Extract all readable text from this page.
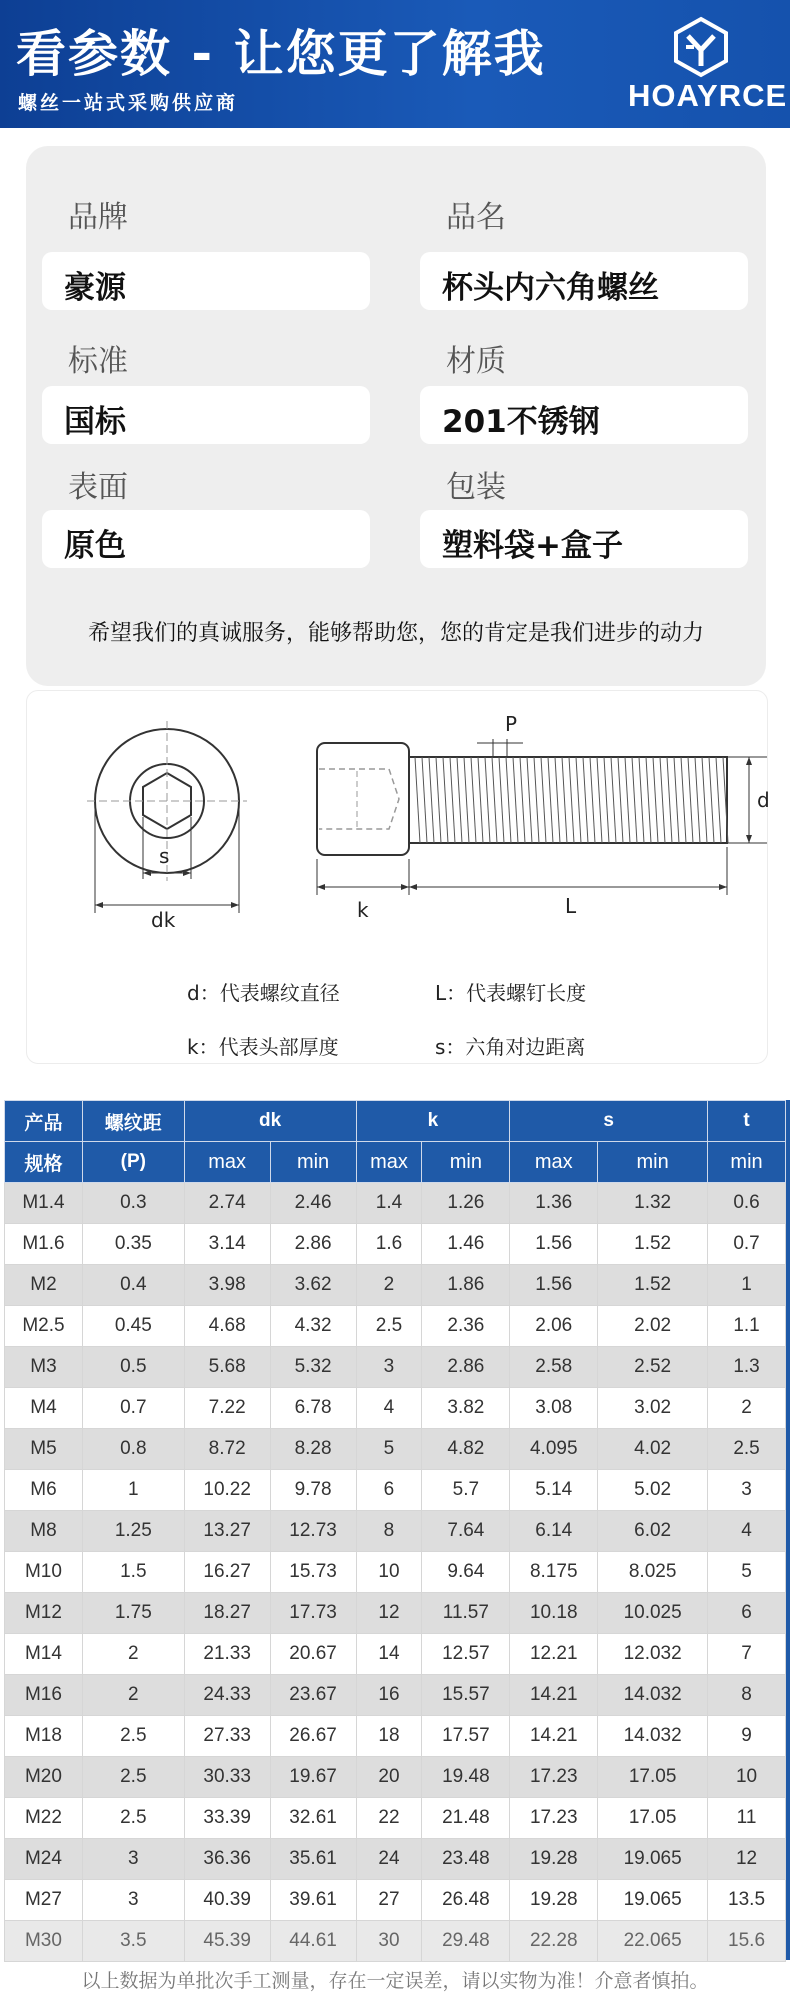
看参数 - 让您更了解我
螺丝一站式采购供应商	HOAYRCE
品牌	品名
豪源	杯头内六角螺丝
标准	材质
国标	201不锈钢
表面	包装
原色	塑料袋+盒子
希望我们的真诚服务，能够帮助您，您的肯定是我们进步的动力
s
dk	k	L
P
d
d：代表螺纹直径	L：代表螺钉长度
k：代表头部厚度	s：六角对边距离
产品	螺纹距	dk		k		s		t
规格	(P)	max	min	max	min	max	min	min
M1.4	0.3	2.74	2.46	1.4	1.26	1.36	1.32	0.6
M1.6	0.35	3.14	2.86	1.6	1.46	1.56	1.52	0.7
M2	0.4	3.98	3.62	2	1.86	1.56	1.52	1
M2.5	0.45	4.68	4.32	2.5	2.36	2.06	2.02	1.1
M3	0.5	5.68	5.32	3	2.86	2.58	2.52	1.3
M4	0.7	7.22	6.78	4	3.82	3.08	3.02	2
M5	0.8	8.72	8.28	5	4.82	4.095	4.02	2.5
M6	1	10.22	9.78	6	5.7	5.14	5.02	3
M8	1.25	13.27	12.73	8	7.64	6.14	6.02	4
M10	1.5	16.27	15.73	10	9.64	8.175	8.025	5
M12	1.75	18.27	17.73	12	11.57	10.18	10.025	6
M14	2	21.33	20.67	14	12.57	12.21	12.032	7
M16	2	24.33	23.67	16	15.57	14.21	14.032	8
M18	2.5	27.33	26.67	18	17.57	14.21	14.032	9
M20	2.5	30.33	19.67	20	19.48	17.23	17.05	10
M22	2.5	33.39	32.61	22	21.48	17.23	17.05	11
M24	3	36.36	35.61	24	23.48	19.28	19.065	12
M27	3	40.39	39.61	27	26.48	19.28	19.065	13.5
M30	3.5	45.39	44.61	30	29.48	22.28	22.065	15.6
以上数据为单批次手工测量，存在一定误差，请以实物为准！介意者慎拍。
